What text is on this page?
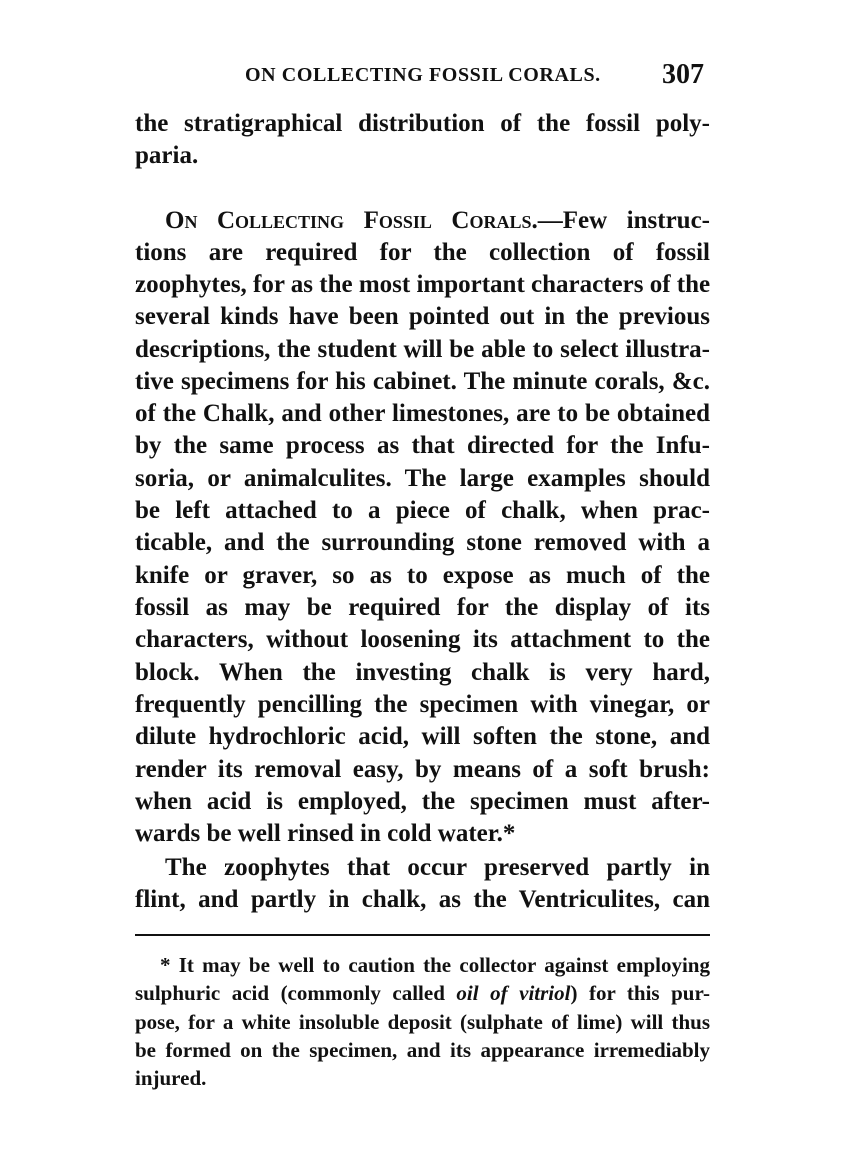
ON COLLECTING FOSSIL CORALS. 307
the stratigraphical distribution of the fossil poly-
paria.
On Collecting Fossil Corals.—Few instruc-
tions are required for the collection of fossil
zoophytes, for as the most important characters of the
several kinds have been pointed out in the previous
descriptions, the student will be able to select illustra-
tive specimens for his cabinet. The minute corals, &c.
of the Chalk, and other limestones, are to be obtained
by the same process as that directed for the Infu-
soria, or animalculites. The large examples should
be left attached to a piece of chalk, when prac-
ticable, and the surrounding stone removed with a
knife or graver, so as to expose as much of the
fossil as may be required for the display of its
characters, without loosening its attachment to the
block. When the investing chalk is very hard,
frequently pencilling the specimen with vinegar, or
dilute hydrochloric acid, will soften the stone, and
render its removal easy, by means of a soft brush:
when acid is employed, the specimen must after-
wards be well rinsed in cold water.*
The zoophytes that occur preserved partly in
flint, and partly in chalk, as the Ventriculites, can
* It may be well to caution the collector against employing
sulphuric acid (commonly called oil of vitriol) for this pur-
pose, for a white insoluble deposit (sulphate of lime) will thus
be formed on the specimen, and its appearance irremediably
injured.
